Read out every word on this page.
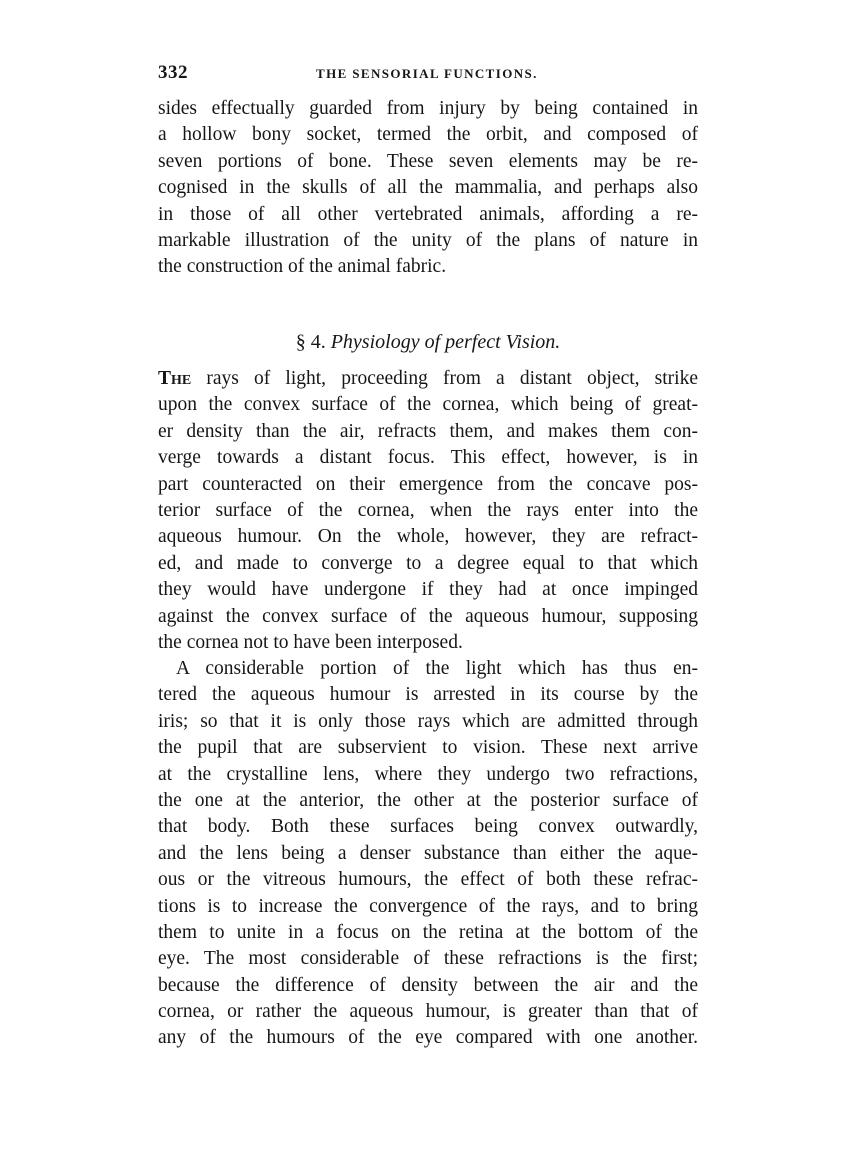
332	THE SENSORIAL FUNCTIONS.
sides effectually guarded from injury by being contained in
a hollow bony socket, termed the orbit, and composed of
seven portions of bone. These seven elements may be re-
cognised in the skulls of all the mammalia, and perhaps also
in those of all other vertebrated animals, affording a re-
markable illustration of the unity of the plans of nature in
the construction of the animal fabric.
§ 4. Physiology of perfect Vision.
The rays of light, proceeding from a distant object, strike
upon the convex surface of the cornea, which being of great-
er density than the air, refracts them, and makes them con-
verge towards a distant focus. This effect, however, is in
part counteracted on their emergence from the concave pos-
terior surface of the cornea, when the rays enter into the
aqueous humour. On the whole, however, they are refract-
ed, and made to converge to a degree equal to that which
they would have undergone if they had at once impinged
against the convex surface of the aqueous humour, supposing
the cornea not to have been interposed.
A considerable portion of the light which has thus en-
tered the aqueous humour is arrested in its course by the
iris; so that it is only those rays which are admitted through
the pupil that are subservient to vision. These next arrive
at the crystalline lens, where they undergo two refractions,
the one at the anterior, the other at the posterior surface of
that body. Both these surfaces being convex outwardly,
and the lens being a denser substance than either the aque-
ous or the vitreous humours, the effect of both these refrac-
tions is to increase the convergence of the rays, and to bring
them to unite in a focus on the retina at the bottom of the
eye. The most considerable of these refractions is the first;
because the difference of density between the air and the
cornea, or rather the aqueous humour, is greater than that of
any of the humours of the eye compared with one another.
